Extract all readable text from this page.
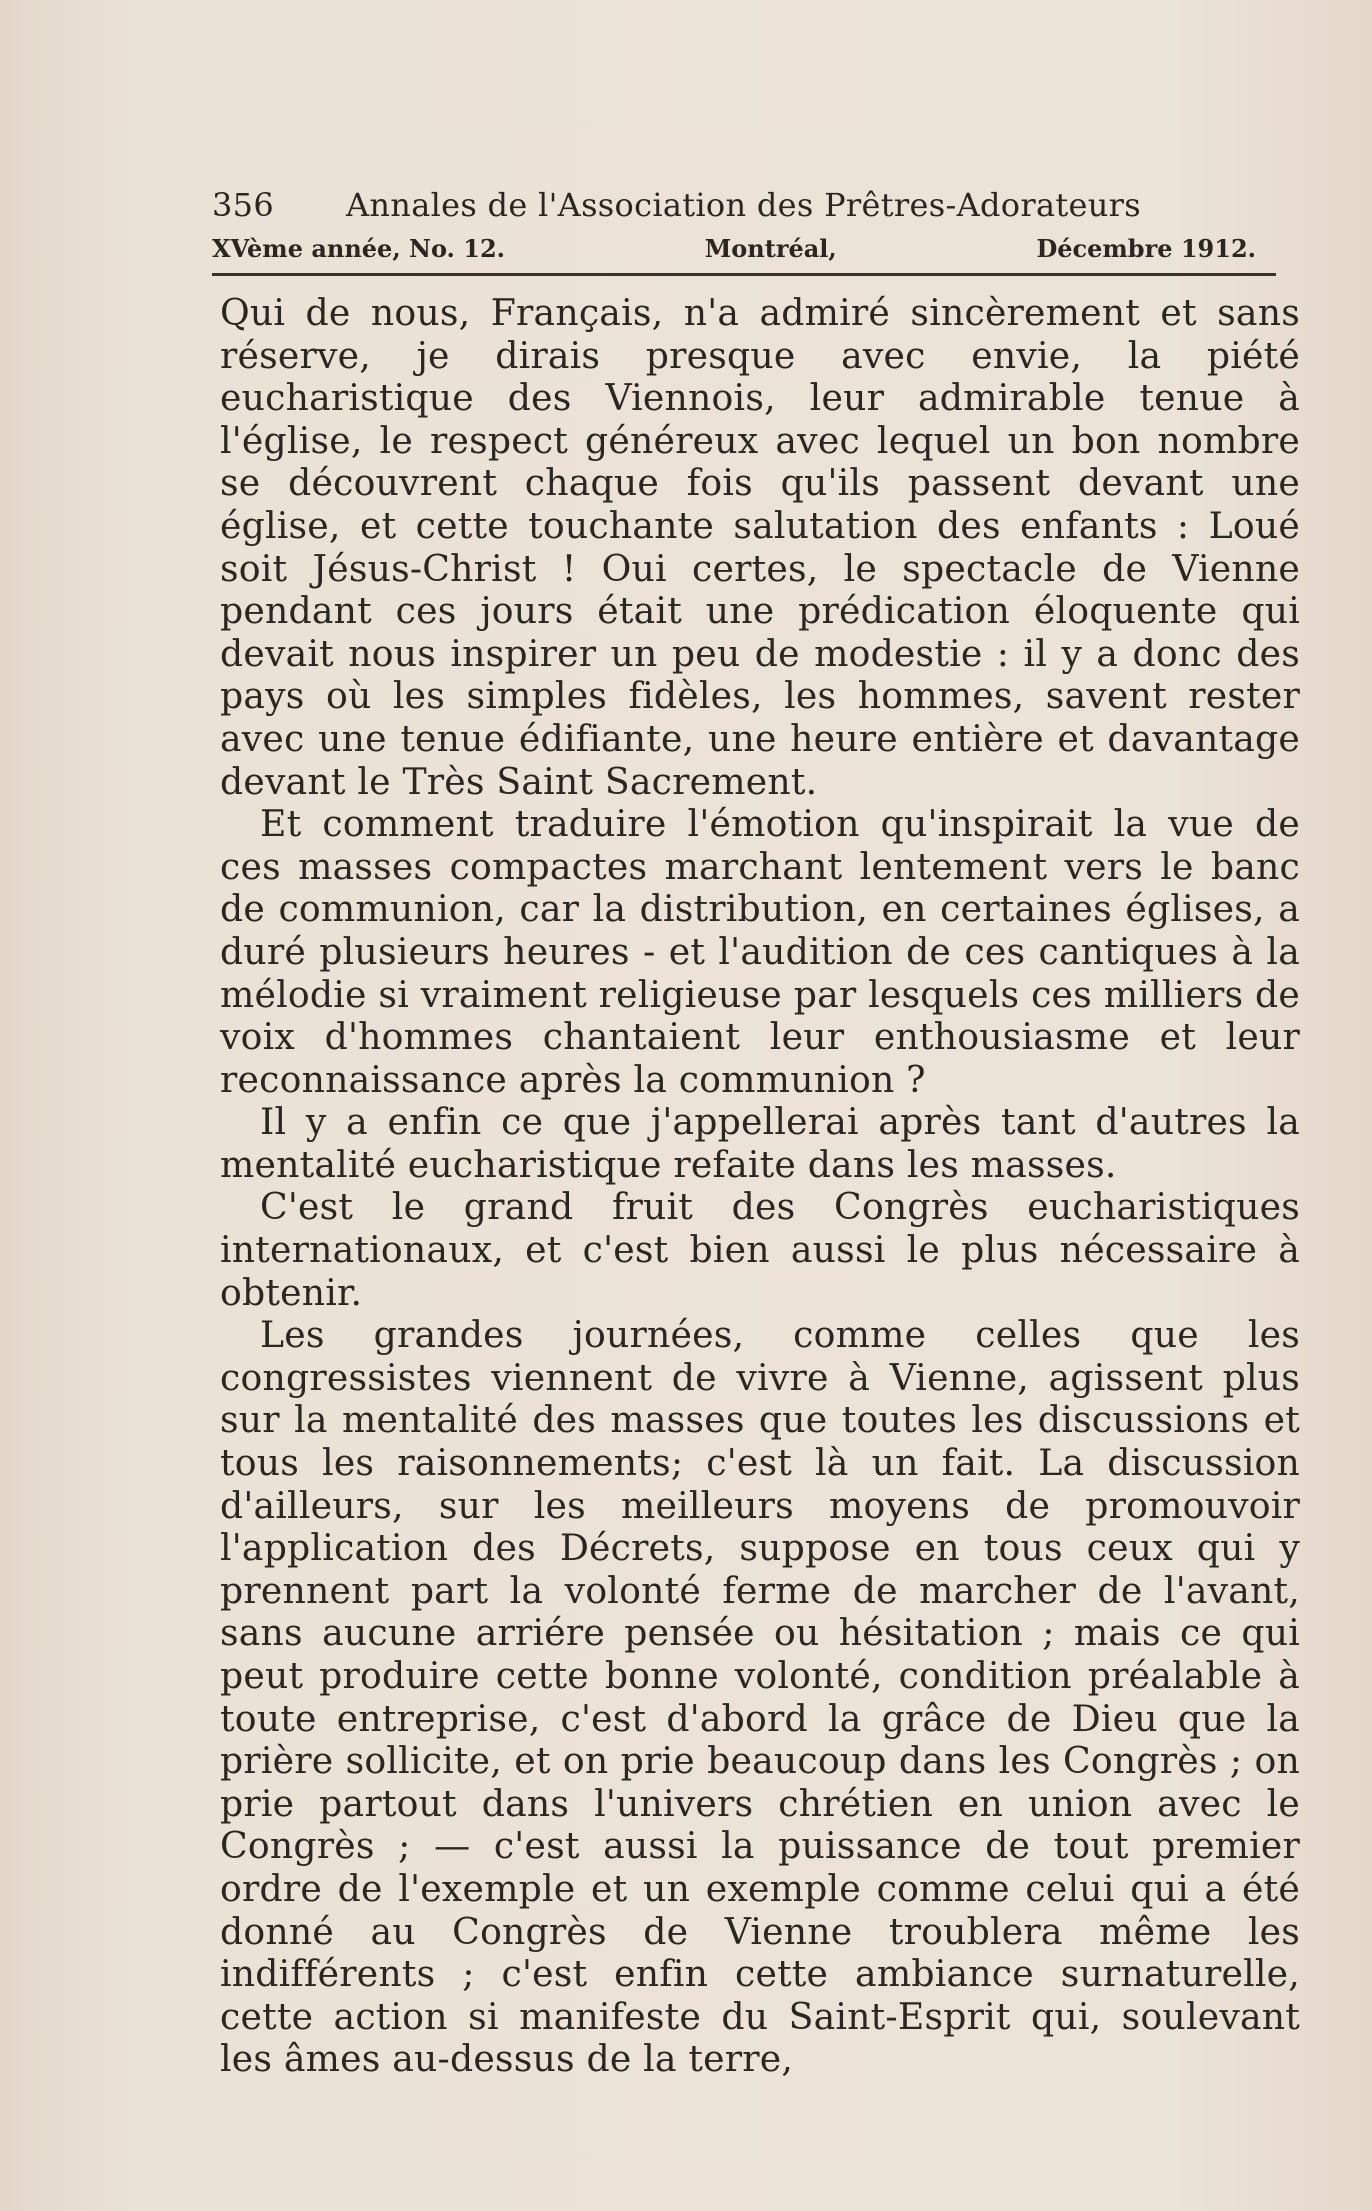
356 Annales de l'Association des Prêtres-Adorateurs
XVème année, No. 12.	Montréal,	Décembre 1912.

Qui de nous, Français, n'a admiré sincèrement et sans réserve, je dirais presque avec envie, la piété eucharistique des Viennois, leur admirable tenue à l'église, le respect généreux avec lequel un bon nombre se découvrent chaque fois qu'ils passent devant une église, et cette touchante salutation des enfants : Loué soit Jésus-Christ ! Oui certes, le spectacle de Vienne pendant ces jours était une prédication éloquente qui devait nous inspirer un peu de modestie : il y a donc des pays où les simples fidèles, les hommes, savent rester avec une tenue édifiante, une heure entière et davantage devant le Très Saint Sacrement.

Et comment traduire l'émotion qu'inspirait la vue de ces masses compactes marchant lentement vers le banc de communion, car la distribution, en certaines églises, a duré plusieurs heures - et l'audition de ces cantiques à la mélodie si vraiment religieuse par lesquels ces milliers de voix d'hommes chantaient leur enthousiasme et leur reconnaissance après la communion ?

Il y a enfin ce que j'appellerai après tant d'autres la mentalité eucharistique refaite dans les masses.

C'est le grand fruit des Congrès eucharistiques internationaux, et c'est bien aussi le plus nécessaire à obtenir.

Les grandes journées, comme celles que les congressistes viennent de vivre à Vienne, agissent plus sur la mentalité des masses que toutes les discussions et tous les raisonnements; c'est là un fait. La discussion d'ailleurs, sur les meilleurs moyens de promouvoir l'application des Décrets, suppose en tous ceux qui y prennent part la volonté ferme de marcher de l'avant, sans aucune arriére pensée ou hésitation ; mais ce qui peut produire cette bonne volonté, condition préalable à toute entreprise, c'est d'abord la grâce de Dieu que la prière sollicite, et on prie beaucoup dans les Congrès ; on prie partout dans l'univers chrétien en union avec le Congrès ; — c'est aussi la puissance de tout premier ordre de l'exemple et un exemple comme celui qui a été donné au Congrès de Vienne troublera même les indifférents ; c'est enfin cette ambiance surnaturelle, cette action si manifeste du Saint-Esprit qui, soulevant les âmes au-dessus de la terre,
